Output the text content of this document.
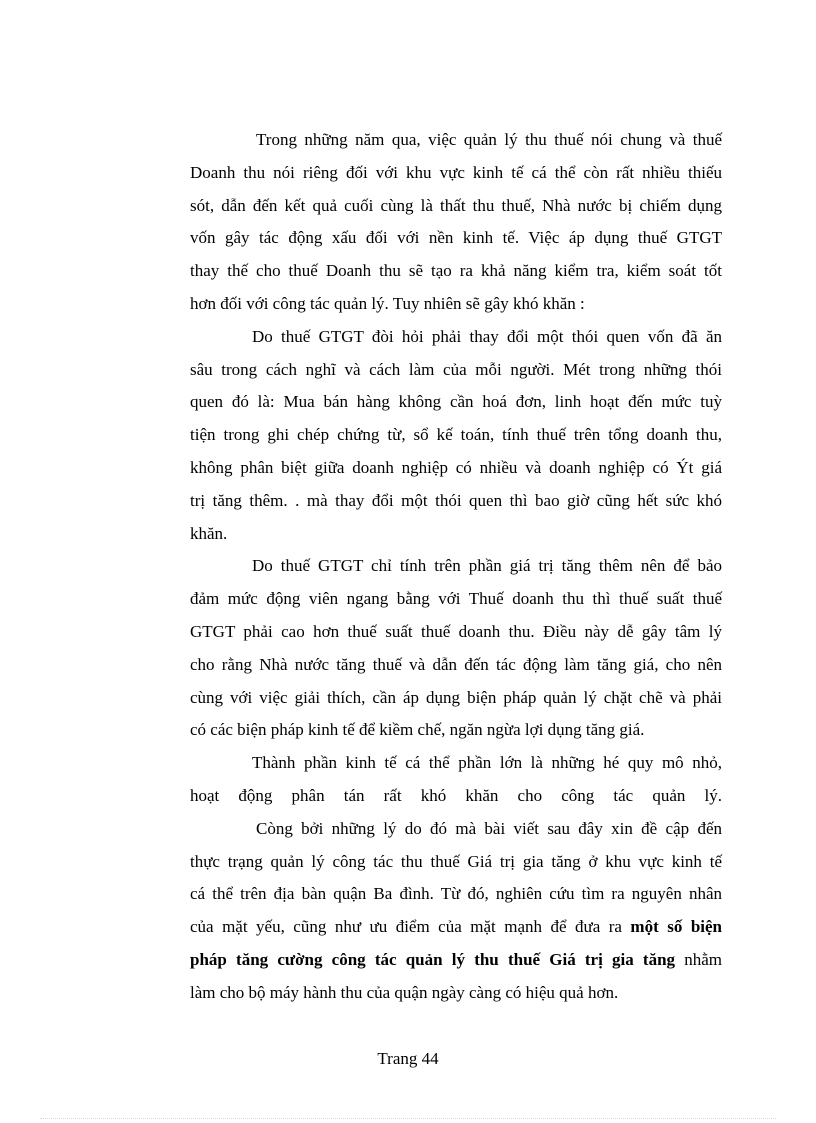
Trong những năm qua, việc quản lý thu thuế nói chung và thuế
Doanh thu nói riêng đối với khu vực kinh tế cá thể còn rất nhiều thiếu
sót, dẫn đến kết quả cuối cùng là thất thu thuế, Nhà nước bị chiếm dụng
vốn gây tác động xấu đối với nền kinh tế. Việc áp dụng thuế GTGT
thay thế cho thuế Doanh thu sẽ tạo ra khả năng kiểm tra, kiểm soát tốt
hơn đối với công tác quản lý. Tuy nhiên sẽ gây khó khăn :
Do thuế GTGT đòi hỏi phải thay đổi một thói quen vốn đã ăn
sâu trong cách nghĩ và cách làm của mỗi người. Mét trong những thói
quen đó là: Mua bán hàng không cần hoá đơn, linh hoạt đến mức tuỳ
tiện trong ghi chép chứng từ, sổ kế toán, tính thuế trên tổng doanh thu,
không phân biệt giữa doanh nghiệp có nhiều và doanh nghiệp có Ýt giá
trị tăng thêm. . mà thay đổi một thói quen thì bao giờ cũng hết sức khó
khăn.
Do thuế GTGT chỉ tính trên phần giá trị tăng thêm nên để bảo
đảm mức động viên ngang bằng với Thuế doanh thu thì thuế suất thuế
GTGT phải cao hơn thuế suất thuế doanh thu. Điều này dễ gây tâm lý
cho rằng Nhà nước tăng thuế và dẫn đến tác động làm tăng giá, cho nên
cùng với việc giải thích, cần áp dụng biện pháp quản lý chặt chẽ và phải
có các biện pháp kinh tế để kiềm chế, ngăn ngừa lợi dụng tăng giá.
Thành phần kinh tế cá thể phần lớn là những hé quy mô nhỏ,
hoạt động phân tán rất khó khăn cho công tác quản lý.
Còng bởi những lý do đó mà bài viết sau đây xin đề cập đến
thực trạng quản lý công tác thu thuế Giá trị gia tăng ở khu vực kinh tế
cá thể trên địa bàn quận Ba đình. Từ đó, nghiên cứu tìm ra nguyên nhân
của mặt yếu, cũng như ưu điểm của mặt mạnh để đưa ra một số biện
pháp tăng cường công tác quản lý thu thuế Giá trị gia tăng nhằm
làm cho bộ máy hành thu của quận ngày càng có hiệu quả hơn.
Trang 44
